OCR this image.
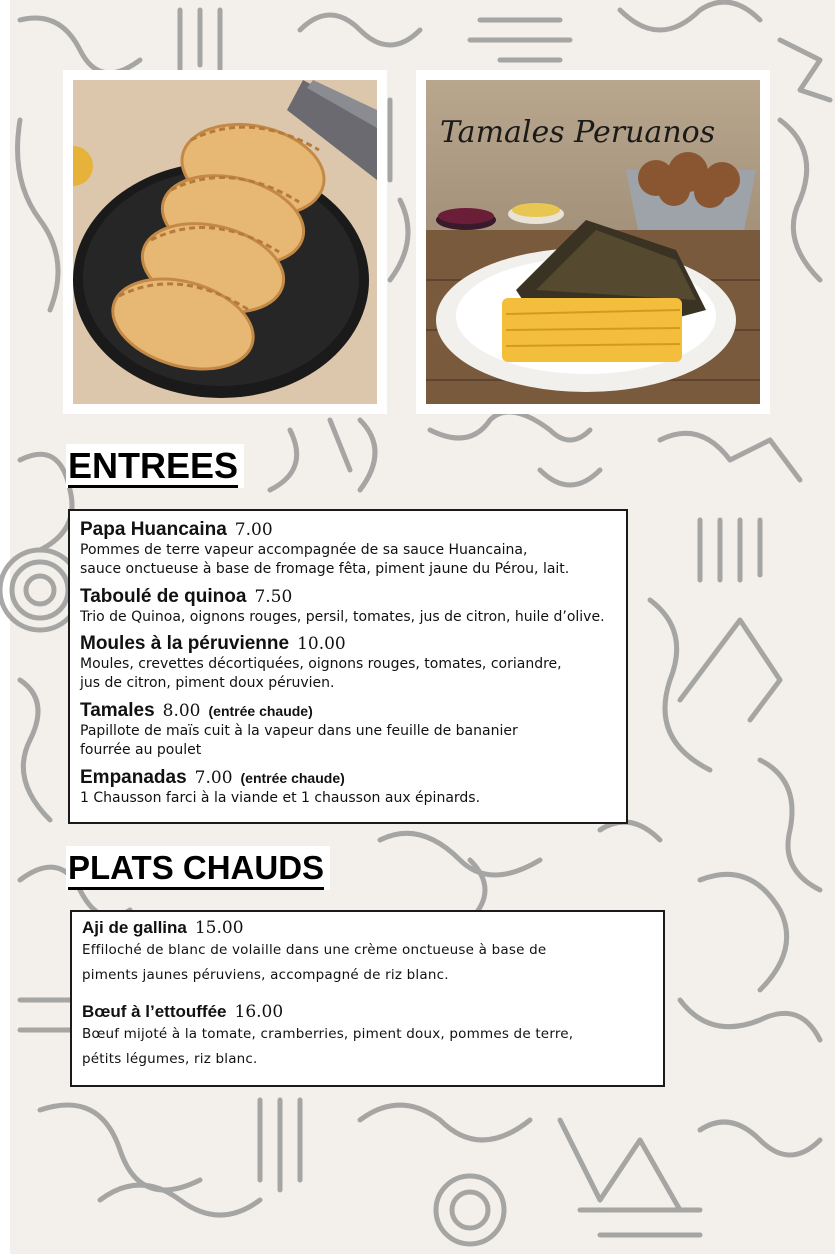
Tamales Peruanos
ENTREES
Papa Huancaina 7.00
Pommes de terre vapeur accompagnée de sa sauce Huancaina,
sauce onctueuse à base de fromage fêta, piment jaune du Pérou, lait.
Taboulé de quinoa 7.50
Trio de Quinoa, oignons rouges, persil, tomates, jus de citron, huile d’olive.
Moules à la péruvienne 10.00
Moules, crevettes décortiquées, oignons rouges, tomates, coriandre,
jus de citron, piment doux péruvien.
Tamales 8.00 (entrée chaude)
Papillote de maïs cuit à la vapeur dans une feuille de bananier
fourrée au poulet
Empanadas 7.00 (entrée chaude)
1 Chausson farci à la viande et 1 chausson aux épinards.
PLATS CHAUDS
Aji de gallina 15.00
Effiloché de blanc de volaille dans une crème onctueuse à base de
piments jaunes péruviens, accompagné de riz blanc.
Bœuf à l’ettouffée 16.00
Bœuf mijoté à la tomate, cramberries, piment doux, pommes de terre,
pétits légumes, riz blanc.
